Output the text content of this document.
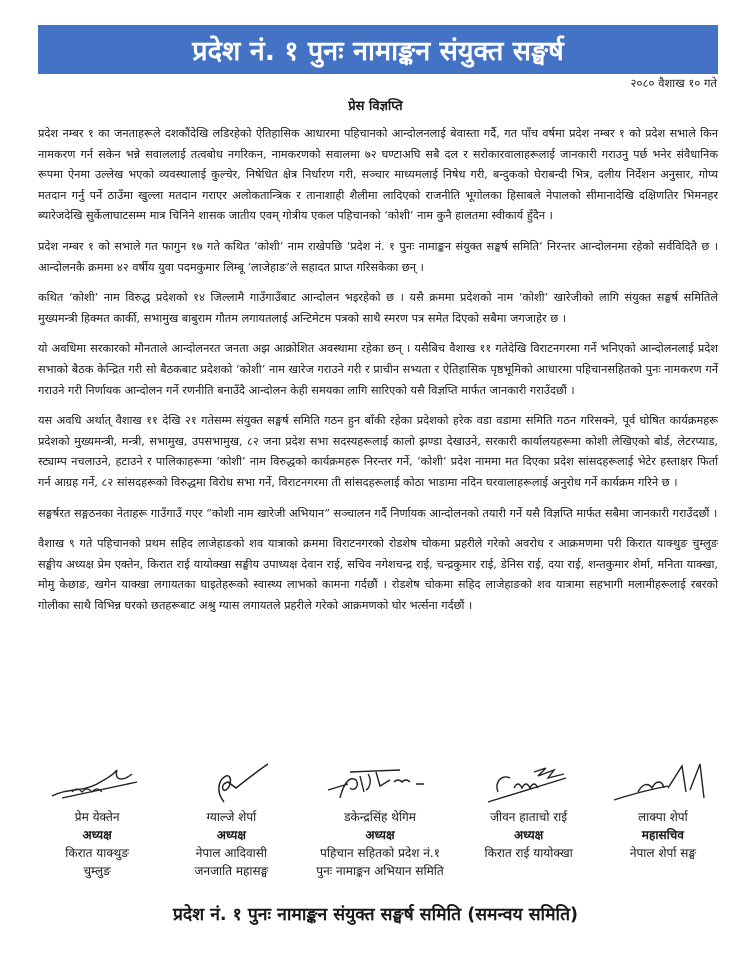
प्रदेश नं. १ पुनः नामाङ्कन संयुक्त सङ्घर्ष
२०८० वैशाख १० गते
प्रेस विज्ञप्ति

प्रदेश नम्बर १ का जनताहरूले दशकौंदेखि लडिरहेको ऐतिहासिक आधारमा पहिचानको आन्दोलनलाई बेवास्ता गर्दै, गत पाँच वर्षमा प्रदेश नम्बर १ को प्रदेश सभाले किन नामकरण गर्न सकेन भन्ने सवाललाई तत्वबोध नगरिकन, नामकरणको सवालमा ७२ घण्टाअघि सबै दल र सरोकारवालाहरूलाई जानकारी गराउनु पर्छ भनेर संवैधानिक रूपमा ऐनमा उल्लेख भएको व्यवस्थालाई कुल्चेर, निषेधित क्षेत्र निर्धारण गरी, सञ्चार माध्यमलाई निषेध गरी, बन्दुकको घेराबन्दी भित्र, दलीय निर्देशन अनुसार, गोप्य मतदान गर्नु पर्ने ठाउँमा खुल्ला मतदान गराएर अलोकतान्त्रिक र तानाशाही शैलीमा लादिएको राजनीति भूगोलका हिसाबले नेपालको सीमानादेखि दक्षिणतिर भिमनहर ब्यारेजदेखि सुर्केलाघाटसम्म मात्र चिनिने शासक जातीय एवम् गोत्रीय एकल पहिचानको ‘कोशी’ नाम कुनै हालतमा स्वीकार्य हुँदैन ।

प्रदेश नम्बर १ को सभाले गत फागुन १७ गते कथित ‘कोशी’ नाम राखेपछि ‘प्रदेश नं. १ पुनः नामाङ्कन संयुक्त सङ्घर्ष समिति’ निरन्तर आन्दोलनमा रहेको सर्वविदितै छ । आन्दोलनकै क्रममा ४२ वर्षीय युवा पदमकुमार लिम्बू ‘लाजेहाङ’ले सहादत प्राप्त गरिसकेका छन् ।

कथित ‘कोशी’ नाम विरुद्ध प्रदेशको १४ जिल्लामै गाउँगाउँबाट आन्दोलन भइरहेको छ । यसै क्रममा प्रदेशको नाम ‘कोशी’ खारेजीको लागि संयुक्त सङ्घर्ष समितिले मुख्यमन्त्री हिक्मत कार्की, सभामुख बाबुराम गौतम लगायतलाई अन्टिमेटम पत्रको साथै स्मरण पत्र समेत दिएको सबैमा जगजाहेर छ ।

यो अवधिमा सरकारको मौनताले आन्दोलनरत जनता अझ आक्रोशित अवस्थामा रहेका छन् । यसैबिच वैशाख ११ गतेदेखि विराटनगरमा गर्ने भनिएको आन्दोलनलाई प्रदेश सभाको बैठक केन्द्रित गरी सो बैठकबाट प्रदेशको ‘कोशी’ नाम खारेज गराउने गरी र प्राचीन सभ्यता र ऐतिहासिक पृष्ठभूमिको आधारमा पहिचानसहितको पुनः नामकरण गर्ने गराउने गरी निर्णायक आन्दोलन गर्ने रणनीति बनाउँदै आन्दोलन केही समयका लागि सारिएको यसै विज्ञप्ति मार्फत जानकारी गराउँदछौं ।

यस अवधि अर्थात् वैशाख ११ देखि २१ गतेसम्म संयुक्त सङ्घर्ष समिति गठन हुन बाँकी रहेका प्रदेशको हरेक वडा वडामा समिति गठन गरिसक्ने, पूर्व घोषित कार्यक्रमहरू प्रदेशको मुख्यमन्त्री, मन्त्री, सभामुख, उपसभामुख, ८२ जना प्रदेश सभा सदस्यहरूलाई कालो झण्डा देखाउने, सरकारी कार्यालयहरूमा कोशी लेखिएको बोर्ड, लेटरप्याड, स्ट्याम्प नचलाउने, हटाउने र पालिकाहरूमा ‘कोशी’ नाम विरुद्धको कार्यक्रमहरू निरन्तर गर्ने, ‘कोशी’ प्रदेश नाममा मत दिएका प्रदेश सांसदहरूलाई भेटेर हस्ताक्षर फिर्ता गर्न आग्रह गर्ने, ८२ सांसदहरूको विरुद्धमा विरोध सभा गर्ने, विराटनगरमा ती सांसदहरूलाई कोठा भाडामा नदिन घरवालाहरूलाई अनुरोध गर्ने कार्यक्रम गरिने छ ।

सङ्घर्षरत सङ्गठनका नेताहरू गाउँगाउँ गएर “कोशी नाम खारेजी अभियान” सञ्चालन गर्दै निर्णायक आन्दोलनको तयारी गर्ने यसै विज्ञप्ति मार्फत सबैमा जानकारी गराउँदछौं ।

वैशाख ९ गते पहिचानको प्रथम सहिद लाजेहाङको शव यात्राको क्रममा विराटनगरको रोडशेष चोकमा प्रहरीले गरेको अवरोध र आक्रमणमा परी किरात याक्थुङ चुम्लुङ सङ्घीय अध्यक्ष प्रेम एक्तेन, किरात राई यायोक्खा सङ्घीय उपाध्यक्ष देवान राई, सचिव नगेशचन्द्र राई, चन्द्रकुमार राई, डेनिस राई, दया राई, शन्तकुमार शेर्मा, मनिता याक्खा, मोमु केछाङ, खगेन याक्खा लगायतका घाइतेहरूको स्वास्थ्य लाभको कामना गर्दछौं । रोडशेष चोकमा सहिद लाजेहाङको शव यात्रामा सहभागी मलामीहरूलाई रबरको गोलीका साथै विभिन्न घरको छतहरूबाट अश्रु ग्यास लगायतले प्रहरीले गरेको आक्रमणको घोर भर्त्सना गर्दछौं ।

प्रेम येक्तेन
अध्यक्ष
किरात याक्थुङ
चुम्लुङ
ग्याल्जे शेर्पा
अध्यक्ष
नेपाल आदिवासी
जनजाति महासङ्घ
डकेन्द्रसिंह थेगिम
अध्यक्ष
पहिचान सहितको प्रदेश नं.१
पुनः नामाङ्कन अभियान समिति
जीवन हाताचो राई
अध्यक्ष
किरात राई यायोक्खा
लाक्पा शेर्पा
महासचिव
नेपाल शेर्पा सङ्घ
प्रदेश नं. १ पुनः नामाङ्कन संयुक्त सङ्घर्ष समिति (समन्वय समिति)
